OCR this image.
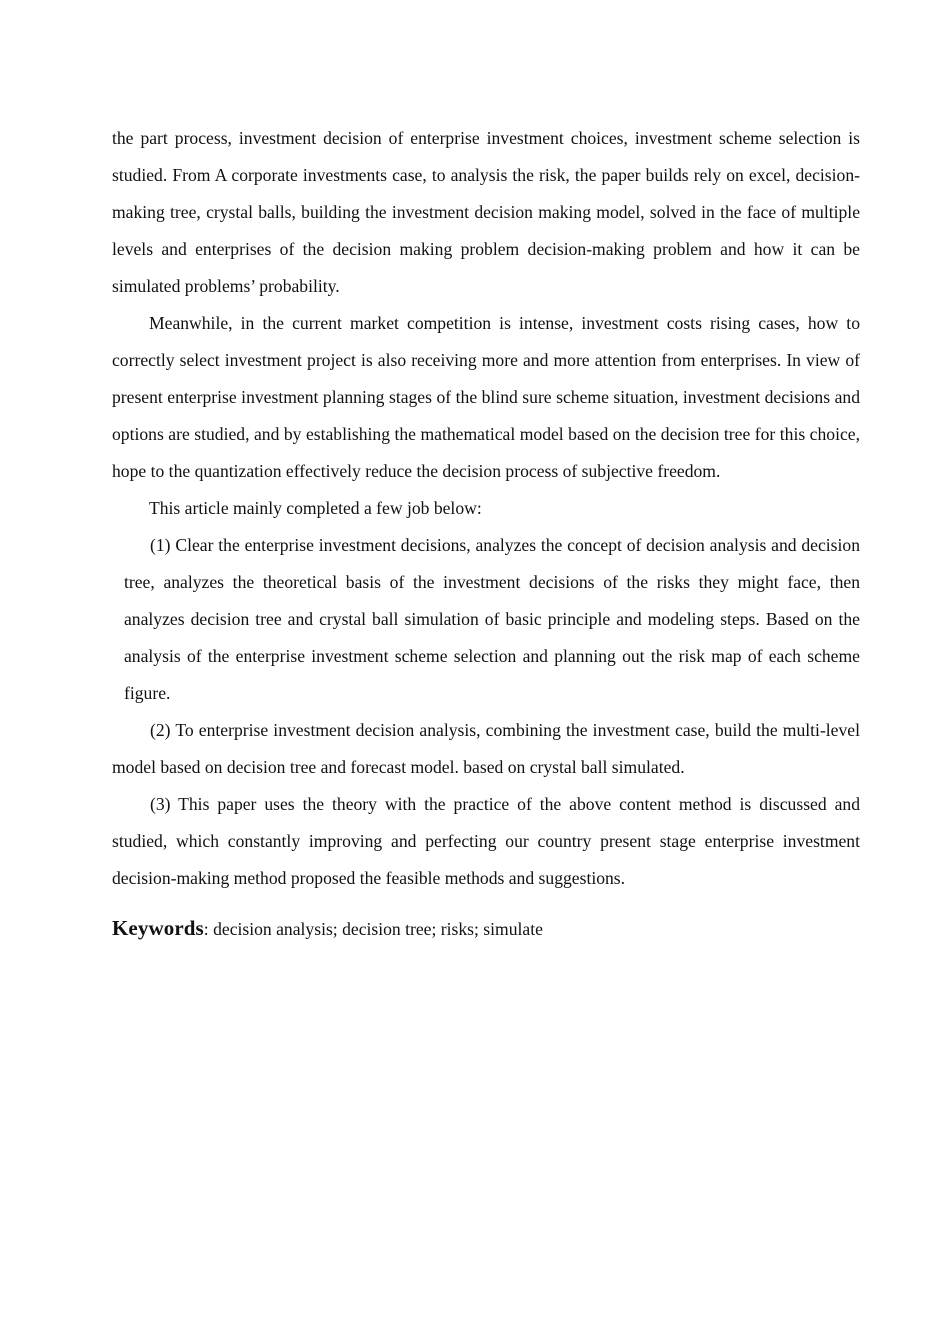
the part process, investment decision of enterprise investment choices, investment scheme selection is studied. From A corporate investments case, to analysis the risk, the paper builds rely on excel, decision-making tree, crystal balls, building the investment decision making model, solved in the face of multiple levels and enterprises of the decision making problem decision-making problem and how it can be simulated problems’ probability.

Meanwhile, in the current market competition is intense, investment costs rising cases, how to correctly select investment project is also receiving more and more attention from enterprises. In view of present enterprise investment planning stages of the blind sure scheme situation, investment decisions and options are studied, and by establishing the mathematical model based on the decision tree for this choice, hope to the quantization effectively reduce the decision process of subjective freedom.

This article mainly completed a few job below:

(1) Clear the enterprise investment decisions, analyzes the concept of decision analysis and decision tree, analyzes the theoretical basis of the investment decisions of the risks they might face, then analyzes decision tree and crystal ball simulation of basic principle and modeling steps. Based on the analysis of the enterprise investment scheme selection and planning out the risk map of each scheme figure.

(2) To enterprise investment decision analysis, combining the investment case, build the multi-level model based on decision tree and forecast model. based on crystal ball simulated.

(3) This paper uses the theory with the practice of the above content method is discussed and studied, which constantly improving and perfecting our country present stage enterprise investment decision-making method proposed the feasible methods and suggestions.

Keywords: decision analysis; decision tree; risks; simulate
